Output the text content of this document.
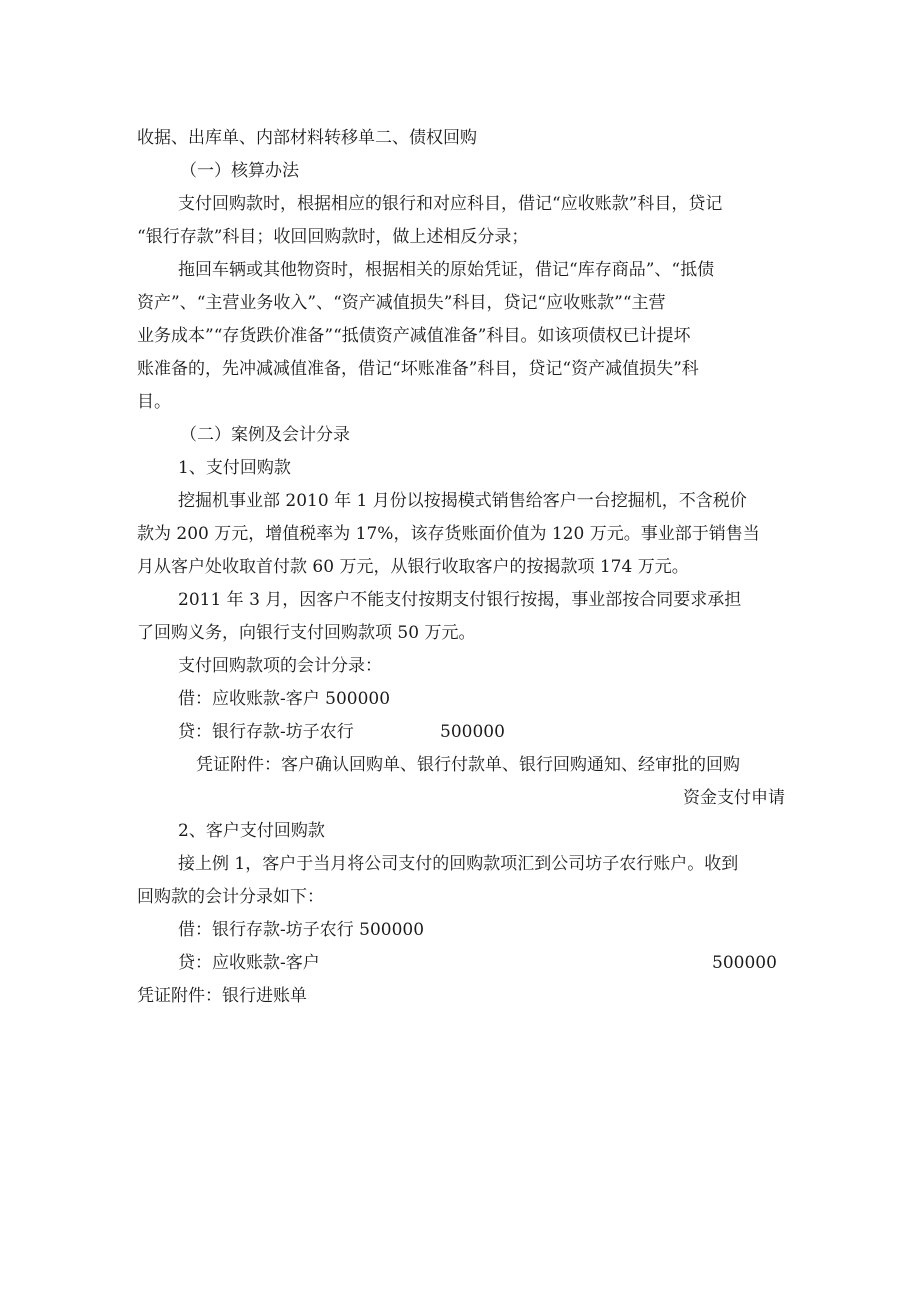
收据、出库单、内部材料转移单二、债权回购

（一）核算办法

支付回购款时，根据相应的银行和对应科目，借记“应收账款”科目，贷记

“银行存款”科目；收回回购款时，做上述相反分录；

拖回车辆或其他物资时，根据相关的原始凭证，借记“库存商品”、“抵债

资产”、“主营业务收入”、“资产减值损失”科目，贷记“应收账款”“主营

业务成本”“存货跌价准备”“抵债资产减值准备”科目。如该项债权已计提坏

账准备的，先冲减减值准备，借记“坏账准备”科目，贷记“资产减值损失”科

目。

（二）案例及会计分录

1、支付回购款

挖掘机事业部 2010 年 1 月份以按揭模式销售给客户一台挖掘机，不含税价

款为 200 万元，增值税率为 17%，该存货账面价值为 120 万元。事业部于销售当

月从客户处收取首付款 60 万元，从银行收取客户的按揭款项 174 万元。

2011 年 3 月，因客户不能支付按期支付银行按揭，事业部按合同要求承担

了回购义务，向银行支付回购款项 50 万元。

支付回购款项的会计分录：

借：应收账款-客户 500000

贷：银行存款-坊子农行	500000

凭证附件：客户确认回购单、银行付款单、银行回购通知、经审批的回购

资金支付申请

2、客户支付回购款

接上例 1，客户于当月将公司支付的回购款项汇到公司坊子农行账户。收到

回购款的会计分录如下：

借：银行存款-坊子农行 500000

贷：应收账款-客户	500000

凭证附件：银行进账单
